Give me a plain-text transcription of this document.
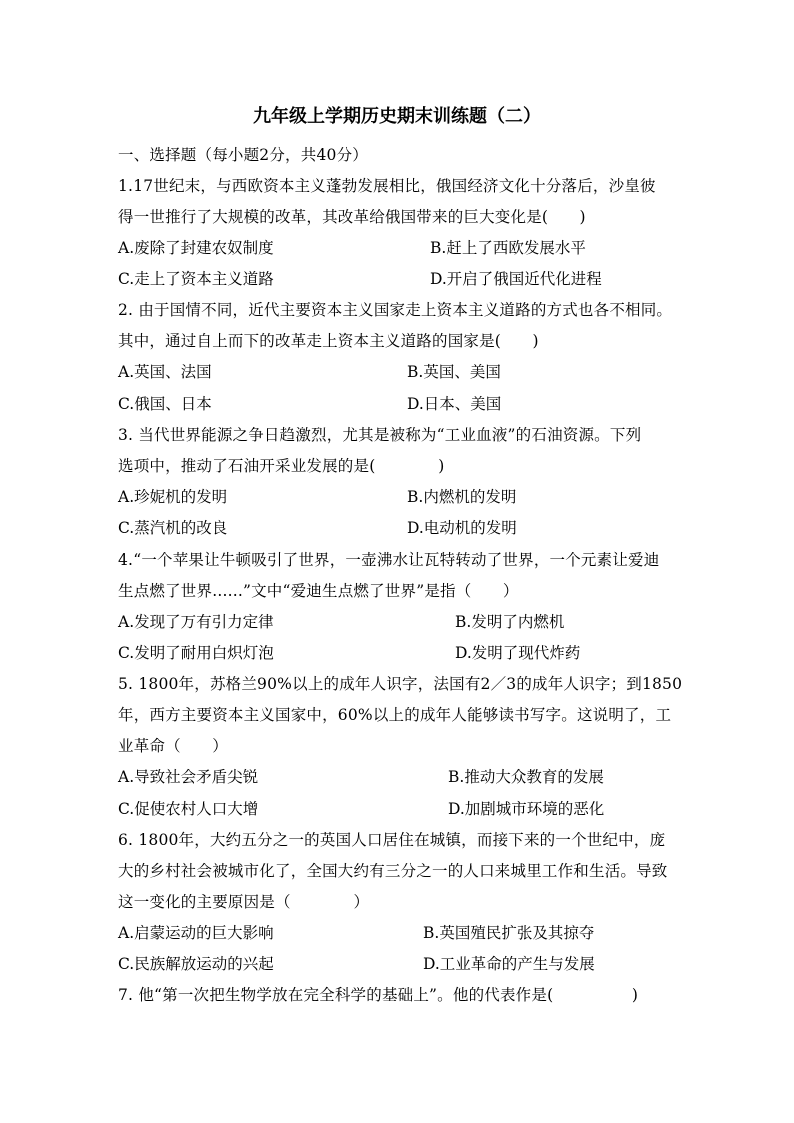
九年级上学期历史期末训练题（二）
一、选择题（每小题2分，共40分）
1.17世纪末，与西欧资本主义蓬勃发展相比，俄国经济文化十分落后，沙皇彼
得一世推行了大规模的改革，其改革给俄国带来的巨大变化是(　　)
A.废除了封建农奴制度	B.赶上了西欧发展水平
C.走上了资本主义道路	D.开启了俄国近代化进程
2. 由于国情不同，近代主要资本主义国家走上资本主义道路的方式也各不相同。
其中，通过自上而下的改革走上资本主义道路的国家是(　　)
A.英国、法国	B.英国、美国
C.俄国、日本	D.日本、美国
3. 当代世界能源之争日趋激烈，尤其是被称为“工业血液”的石油资源。下列
选项中，推动了石油开采业发展的是(　　　　)
A.珍妮机的发明	B.内燃机的发明
C.蒸汽机的改良	D.电动机的发明
4.“一个苹果让牛顿吸引了世界，一壶沸水让瓦特转动了世界，一个元素让爱迪
生点燃了世界......”文中“爱迪生点燃了世界”是指（　　）
A.发现了万有引力定律	B.发明了内燃机
C.发明了耐用白炽灯泡	D.发明了现代炸药
5. 1800年，苏格兰90%以上的成年人识字，法国有2／3的成年人识字；到1850
年，西方主要资本主义国家中，60%以上的成年人能够读书写字。这说明了，工
业革命（　　）
A.导致社会矛盾尖锐	B.推动大众教育的发展
C.促使农村人口大增	D.加剧城市环境的恶化
6. 1800年，大约五分之一的英国人口居住在城镇，而接下来的一个世纪中，庞
大的乡村社会被城市化了，全国大约有三分之一的人口来城里工作和生活。导致
这一变化的主要原因是（　　　　）
A.启蒙运动的巨大影响	B.英国殖民扩张及其掠夺
C.民族解放运动的兴起	D.工业革命的产生与发展
7. 他“第一次把生物学放在完全科学的基础上”。他的代表作是(　　　　　)
